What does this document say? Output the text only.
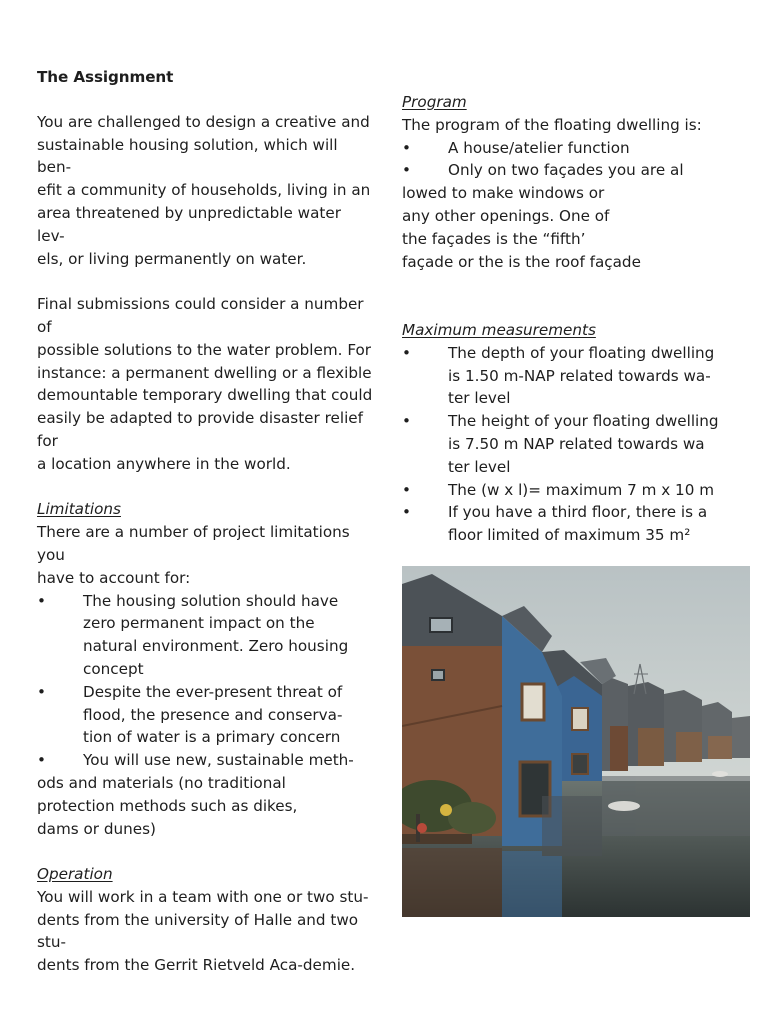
The Assignment

You are challenged to design a creative and

sustainable housing solution, which will ben-

efit a community of households, living in an

area threatened by unpredictable water lev-

els, or living permanently on water.

Final submissions could consider a number of

possible solutions to the water problem. For

instance: a permanent dwelling or a flexible

demountable temporary dwelling that could

easily be adapted to provide disaster relief for

a location anywhere in the world.

Limitations

There are a number of project limitations you

have to account for:

•	The housing solution should have

zero permanent impact on the

natural environment. Zero housing

concept

•	Despite the ever-present threat of

flood, the presence and conserva-

tion of water is a primary concern

• You will use new, sustainable meth-

ods and materials (no traditional

protection methods such as dikes,

dams or dunes)

Operation

You will work in a team with one or two stu-

dents from the university of Halle and two stu-

dents from the Gerrit Rietveld Aca-demie.

Program

The program of the floating dwelling is:

• A house/atelier function

• Only on two façades you are al

lowed to make windows or

any other openings. One of

the façades is the “fifth’

façade or the is the roof façade

Maximum measurements

•	The depth of your floating dwelling

is 1.50 m-NAP related towards wa-

ter level

•	The height of your floating dwelling

is 7.50 m NAP related towards wa

ter level

•	The (w x l)= maximum 7 m x 10 m

•	If you have a third floor, there is a

floor limited of maximum 35 m²
